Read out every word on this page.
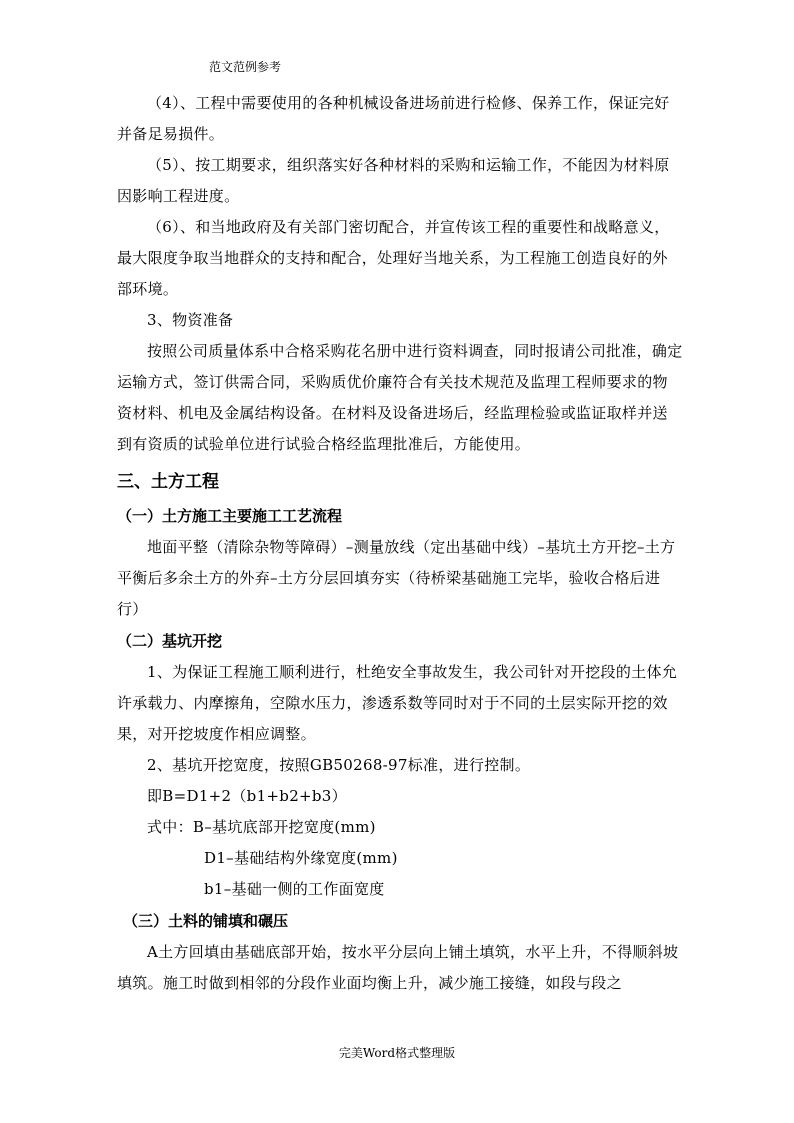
范文范例参考

（4）、工程中需要使用的各种机械设备进场前进行检修、保养工作，保证完好并备足易损件。

（5）、按工期要求，组织落实好各种材料的采购和运输工作，不能因为材料原因影响工程进度。

（6）、和当地政府及有关部门密切配合，并宣传该工程的重要性和战略意义，最大限度争取当地群众的支持和配合，处理好当地关系，为工程施工创造良好的外部环境。

3、物资准备

按照公司质量体系中合格采购花名册中进行资料调查，同时报请公司批准，确定运输方式，签订供需合同，采购质优价廉符合有关技术规范及监理工程师要求的物资材料、机电及金属结构设备。在材料及设备进场后，经监理检验或监证取样并送到有资质的试验单位进行试验合格经监理批准后，方能使用。

三、土方工程
（一）土方施工主要施工工艺流程

地面平整（清除杂物等障碍）–测量放线（定出基础中线）–基坑土方开挖–土方平衡后多余土方的外弃–土方分层回填夯实（待桥梁基础施工完毕，验收合格后进行）

（二）基坑开挖

1、为保证工程施工顺利进行，杜绝安全事故发生，我公司针对开挖段的土体允许承载力、内摩擦角，空隙水压力，渗透系数等同时对于不同的土层实际开挖的效果，对开挖坡度作相应调整。

2、基坑开挖宽度，按照GB50268-97标准，进行控制。

即B=D1+2（b1+b2+b3）

式中：B–基坑底部开挖宽度(mm)

D1–基础结构外缘宽度(mm)

b1–基础一侧的工作面宽度

（三）土料的铺填和碾压

A土方回填由基础底部开始，按水平分层向上铺土填筑，水平上升，不得顺斜坡填筑。施工时做到相邻的分段作业面均衡上升，减少施工接缝，如段与段之

完美Word格式整理版
